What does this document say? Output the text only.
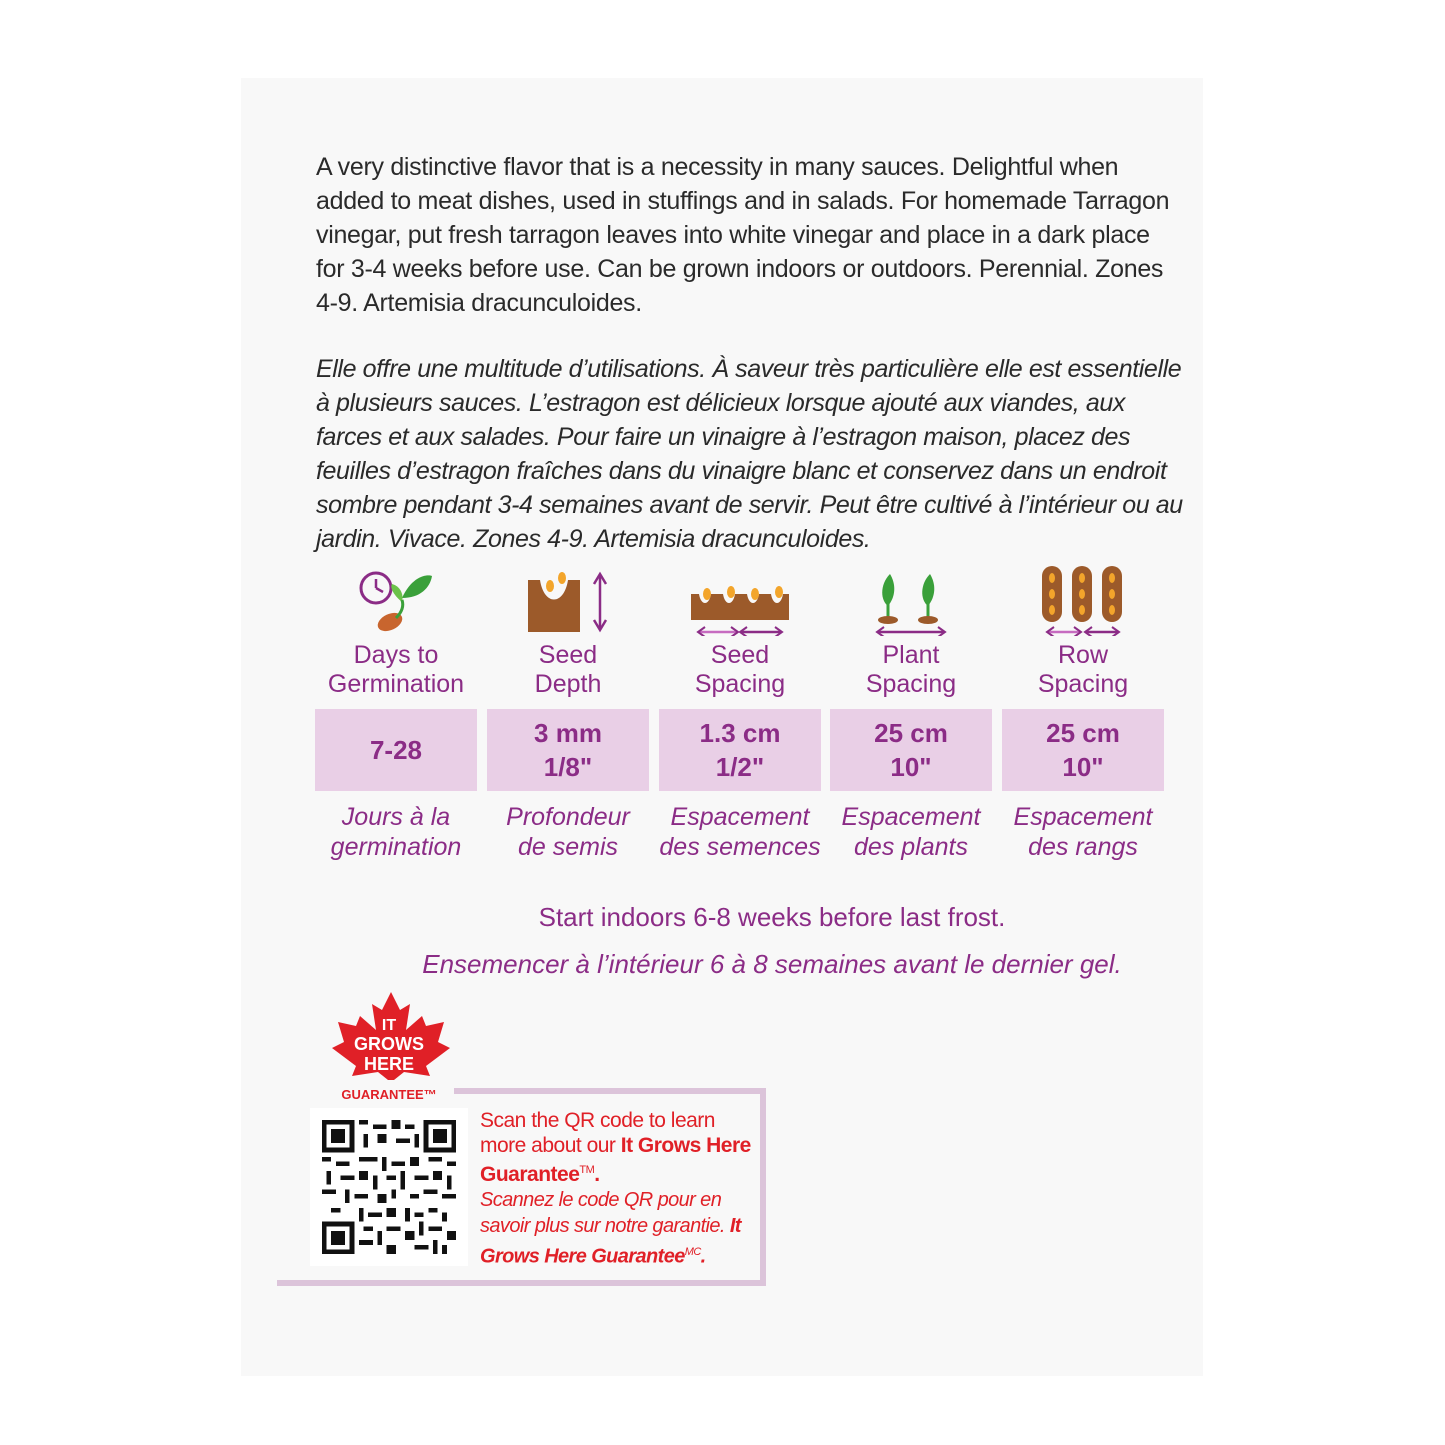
A very distinctive flavor that is a necessity in many sauces. Delightful when added to meat dishes, used in stuffings and in salads. For homemade Tarragon vinegar, put fresh tarragon leaves into white vinegar and place in a dark place for 3-4 weeks before use. Can be grown indoors or outdoors. Perennial. Zones 4-9. Artemisia dracunculoides.

Elle offre une multitude d’utilisations. À saveur très particulière elle est essentielle à plusieurs sauces. L’estragon est délicieux lorsque ajouté aux viandes, aux farces et aux salades. Pour faire un vinaigre à l’estragon maison, placez des feuilles d’estragon fraîches dans du vinaigre blanc et conservez dans un endroit sombre pendant 3-4 semaines avant de servir. Peut être cultivé à l’intérieur ou au jardin. Vivace. Zones 4-9. Artemisia dracunculoides.

Days to
Germination
7-28
Jours à la
germination
Seed
Depth
3 mm
1/8"
Profondeur
de semis
Seed
Spacing
1.3 cm
1/2"
Espacement
des semences
Plant
Spacing
25 cm
10"
Espacement
des plants
Row
Spacing
25 cm
10"
Espacement
des rangs
Start indoors 6-8 weeks before last frost.
Ensemencer à l’intérieur 6 à 8 semaines avant le dernier gel.
IT
GROWS
HERE
GUARANTEE™

Scan the QR code to learn more about our It Grows Here Guarantee™.

Scannez le code QR pour en savoir plus sur notre garantie. It Grows Here Guarantee$^{MC}$.
